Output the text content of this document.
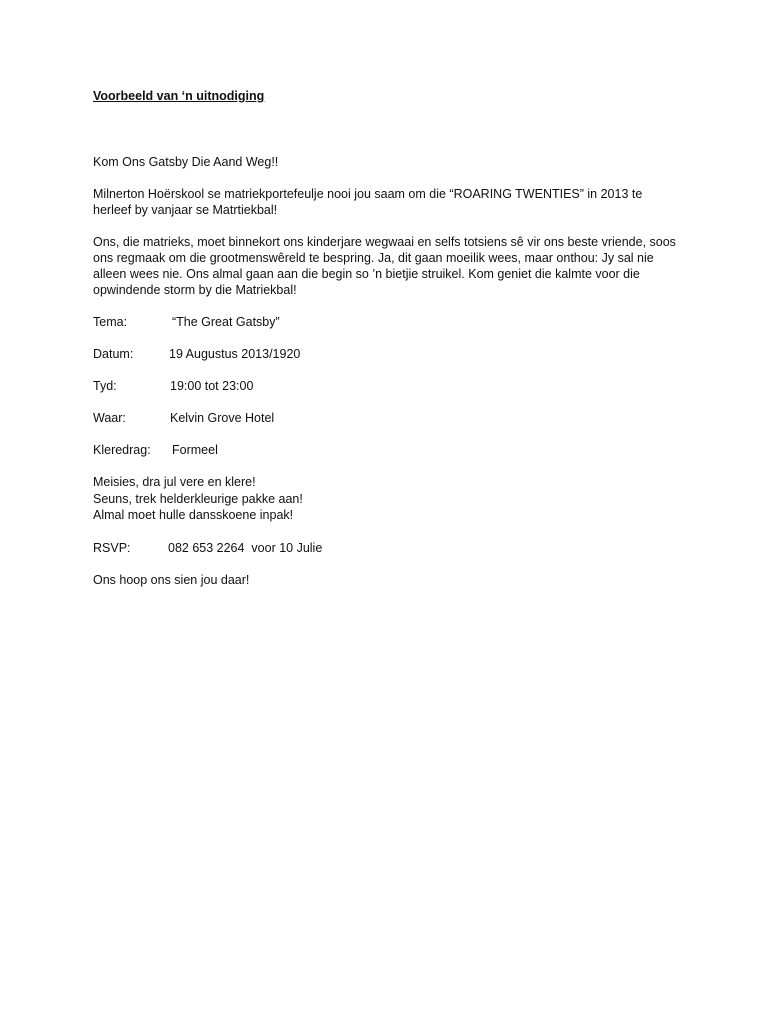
Voorbeeld van ‘n uitnodiging
Kom Ons Gatsby Die Aand Weg!!

Milnerton Hoërskool se matriekportefeulje nooi jou saam om die “ROARING TWENTIES” in 2013 te herleef by vanjaar se Matrtiekbal!

Ons, die matrieks, moet binnekort ons kinderjare wegwaai en selfs totsiens sê vir ons beste vriende, soos ons regmaak om die grootmenswêreld te bespring. Ja, dit gaan moeilik wees, maar onthou: Jy sal nie alleen wees nie. Ons almal gaan aan die begin so ’n bietjie struikel. Kom geniet die kalmte voor die opwindende storm by die Matriekbal!

Tema:	“The Great Gatsby”
Datum:	19 Augustus 2013/1920
Tyd:	19:00 tot 23:00
Waar:	Kelvin Grove Hotel
Kleredrag: Formeel
Meisies, dra jul vere en klere!
Seuns, trek helderkleurige pakke aan!
Almal moet hulle dansskoene inpak!
RSVP:	082 653 2264  voor 10 Julie
Ons hoop ons sien jou daar!
